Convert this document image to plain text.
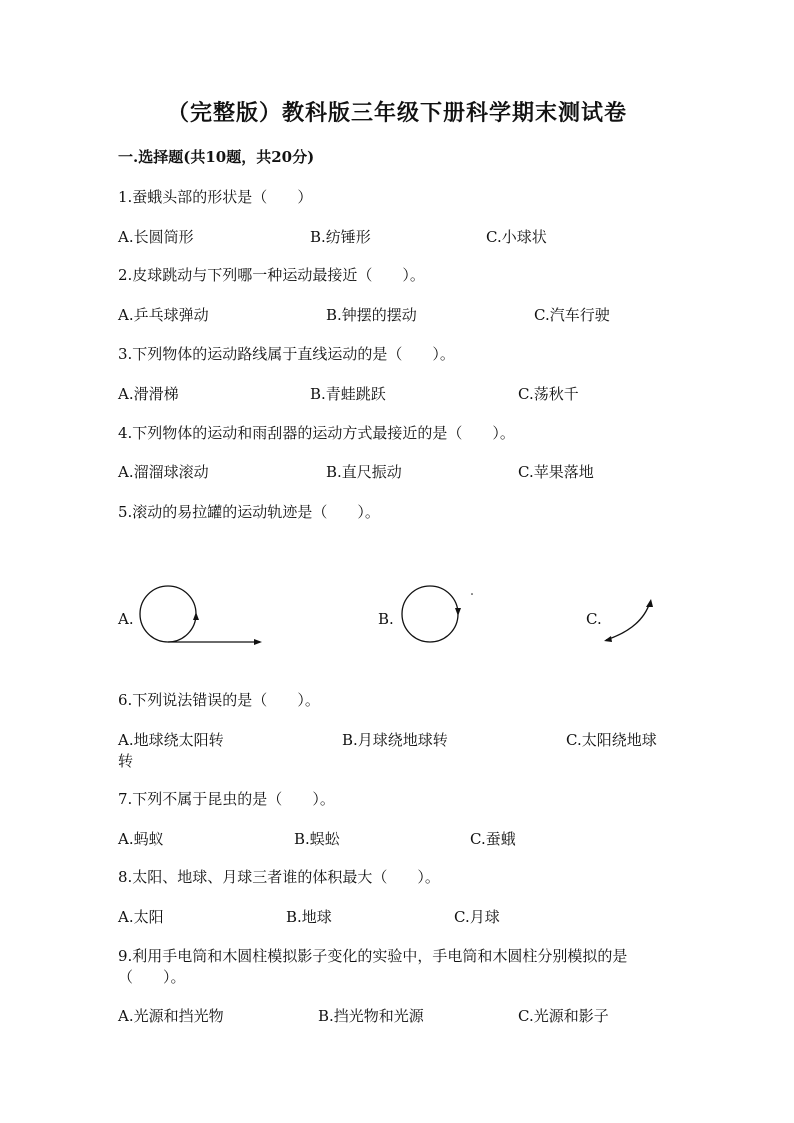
（完整版）教科版三年级下册科学期末测试卷
一.选择题(共10题，共20分)
1.蚕蛾头部的形状是（　　）
A.长圆筒形	B.纺锤形	C.小球状
2.皮球跳动与下列哪一种运动最接近（　　）。
A.乒乓球弹动	B.钟摆的摆动	C.汽车行驶
3.下列物体的运动路线属于直线运动的是（　　）。
A.滑滑梯	B.青蛙跳跃	C.荡秋千
4.下列物体的运动和雨刮器的运动方式最接近的是（　　）。
A.溜溜球滚动	B.直尺振动	C.苹果落地
5.滚动的易拉罐的运动轨迹是（　　）。
A.	B.	C.
6.下列说法错误的是（　　）。
A.地球绕太阳转	B.月球绕地球转	C.太阳绕地球
转
7.下列不属于昆虫的是（　　）。
A.蚂蚁	B.蜈蚣	C.蚕蛾
8.太阳、地球、月球三者谁的体积最大（　　）。
A.太阳	B.地球	C.月球
9.利用手电筒和木圆柱模拟影子变化的实验中，手电筒和木圆柱分别模拟的是
（　　）。
A.光源和挡光物	B.挡光物和光源	C.光源和影子
